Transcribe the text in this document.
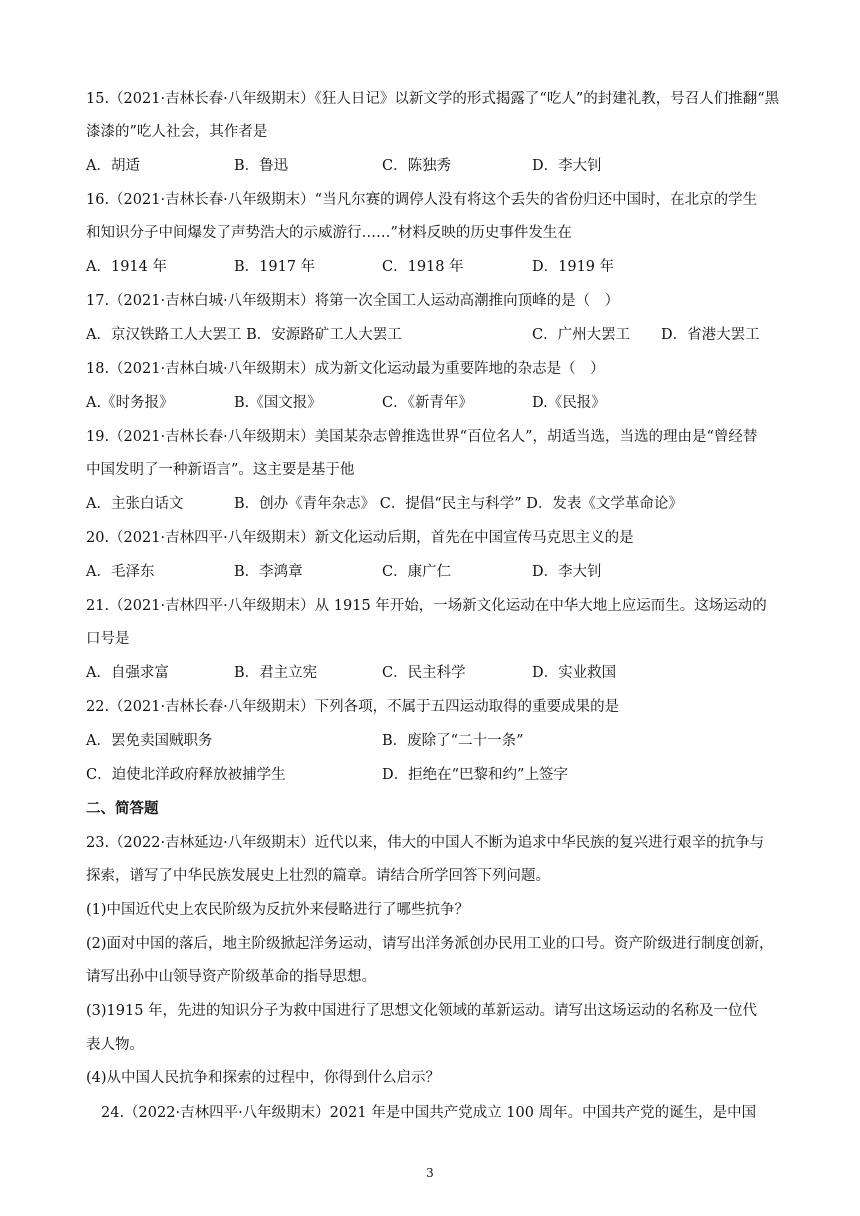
15.（2021·吉林长春·八年级期末）《狂人日记》以新文学的形式揭露了“吃人”的封建礼教，号召人们推翻“黑
漆漆的”吃人社会，其作者是
A．胡适	B．鲁迅	C．陈独秀	D．李大钊
16.（2021·吉林长春·八年级期末）“当凡尔赛的调停人没有将这个丢失的省份归还中国时，在北京的学生
和知识分子中间爆发了声势浩大的示威游行……”材料反映的历史事件发生在
A．1914 年	B．1917 年	C．1918 年	D．1919 年
17.（2021·吉林白城·八年级期末）将第一次全国工人运动高潮推向顶峰的是（　）
A．京汉铁路工人大罢工 B．安源路矿工人大罢工	C．广州大罢工 D．省港大罢工
18.（2021·吉林白城·八年级期末）成为新文化运动最为重要阵地的杂志是（　）
A.《时务报》	B.《国文报》	C．《新青年》	D.《民报》
19.（2021·吉林长春·八年级期末）美国某杂志曾推选世界“百位名人”，胡适当选，当选的理由是“曾经替
中国发明了一种新语言”。这主要是基于他
A．主张白话文	B．创办《青年杂志》 C．提倡“民主与科学” D．发表《文学革命论》
20.（2021·吉林四平·八年级期末）新文化运动后期，首先在中国宣传马克思主义的是
A．毛泽东	B．李鸿章	C．康广仁	D．李大钊
21.（2021·吉林四平·八年级期末）从 1915 年开始，一场新文化运动在中华大地上应运而生。这场运动的
口号是
A．自强求富	B．君主立宪	C．民主科学	D．实业救国
22.（2021·吉林长春·八年级期末）下列各项，不属于五四运动取得的重要成果的是
A．罢免卖国贼职务	B．废除了“二十一条”
C．迫使北洋政府释放被捕学生	D．拒绝在“巴黎和约”上签字
二、简答题
23.（2022·吉林延边·八年级期末）近代以来，伟大的中国人不断为追求中华民族的复兴进行艰辛的抗争与
探索，谱写了中华民族发展史上壮烈的篇章。请结合所学回答下列问题。
(1)中国近代史上农民阶级为反抗外来侵略进行了哪些抗争？
(2)面对中国的落后，地主阶级掀起洋务运动，请写出洋务派创办民用工业的口号。资产阶级进行制度创新，
请写出孙中山领导资产阶级革命的指导思想。
(3)1915 年，先进的知识分子为救中国进行了思想文化领域的革新运动。请写出这场运动的名称及一位代
表人物。
(4)从中国人民抗争和探索的过程中，你得到什么启示？
24.（2022·吉林四平·八年级期末）2021 年是中国共产党成立 100 周年。中国共产党的诞生，是中国
3
